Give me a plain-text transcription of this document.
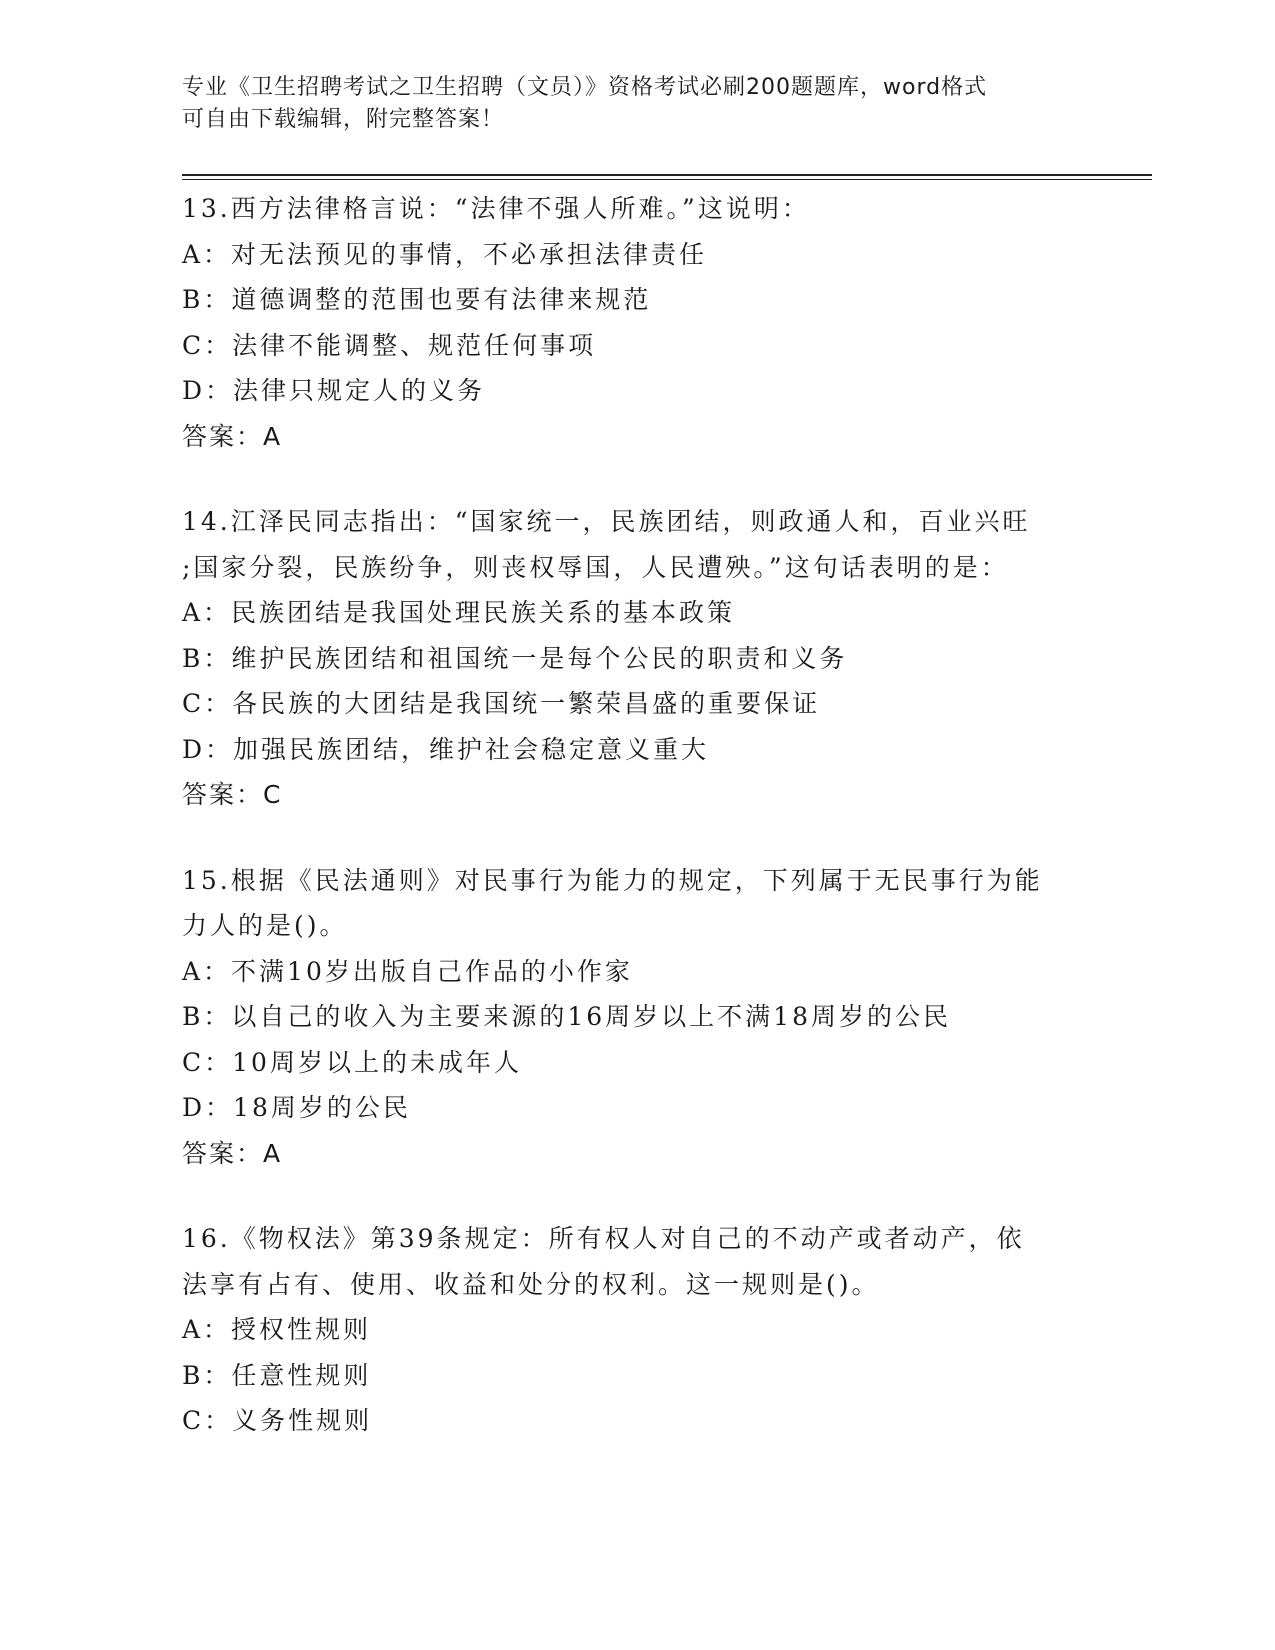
专业《卫生招聘考试之卫生招聘（文员）》资格考试必刷200题题库，word格式
可自由下载编辑，附完整答案！
13.西方法律格言说：“法律不强人所难。”这说明：
A：对无法预见的事情，不必承担法律责任
B：道德调整的范围也要有法律来规范
C：法律不能调整、规范任何事项
D：法律只规定人的义务
答案：A
14.江泽民同志指出：“国家统一，民族团结，则政通人和，百业兴旺
;国家分裂，民族纷争，则丧权辱国，人民遭殃。”这句话表明的是：
A：民族团结是我国处理民族关系的基本政策
B：维护民族团结和祖国统一是每个公民的职责和义务
C：各民族的大团结是我国统一繁荣昌盛的重要保证
D：加强民族团结，维护社会稳定意义重大
答案：C
15.根据《民法通则》对民事行为能力的规定，下列属于无民事行为能
力人的是()。
A：不满10岁出版自己作品的小作家
B：以自己的收入为主要来源的16周岁以上不满18周岁的公民
C：10周岁以上的未成年人
D：18周岁的公民
答案：A
16.《物权法》第39条规定：所有权人对自己的不动产或者动产，依
法享有占有、使用、收益和处分的权利。这一规则是()。
A：授权性规则
B：任意性规则
C：义务性规则
